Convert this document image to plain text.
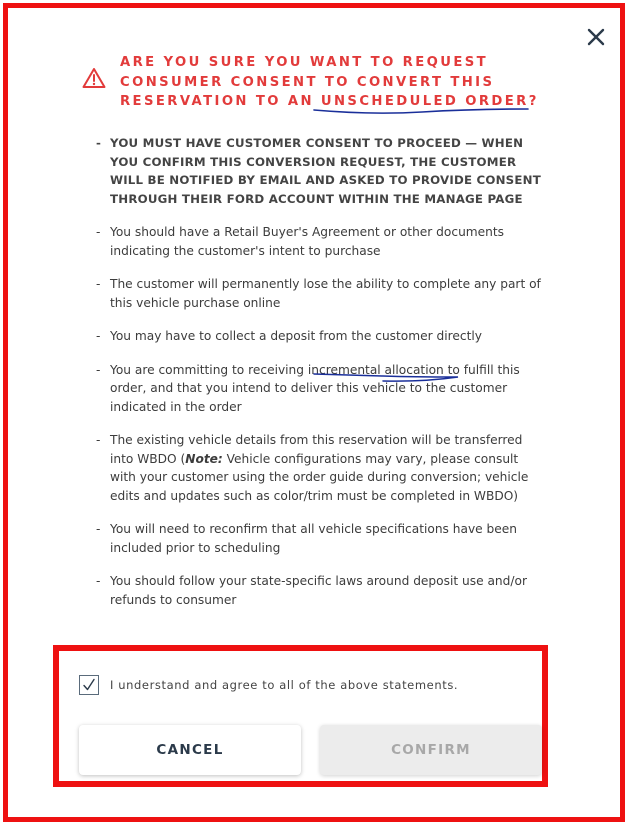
ARE YOU SURE YOU WANT TO REQUEST
CONSUMER CONSENT TO CONVERT THIS
RESERVATION TO AN UNSCHEDULED ORDER?
- YOU MUST HAVE CUSTOMER CONSENT TO PROCEED — WHEN YOU CONFIRM THIS CONVERSION REQUEST, THE CUSTOMER WILL BE NOTIFIED BY EMAIL AND ASKED TO PROVIDE CONSENT THROUGH THEIR FORD ACCOUNT WITHIN THE MANAGE PAGE
- You should have a Retail Buyer's Agreement or other documents indicating the customer's intent to purchase
- The customer will permanently lose the ability to complete any part of this vehicle purchase online
- You may have to collect a deposit from the customer directly
- You are committing to receiving incremental allocation to fulfill this order, and that you intend to deliver this vehicle to the customer indicated in the order
- The existing vehicle details from this reservation will be transferred into WBDO (Note: Vehicle configurations may vary, please consult with your customer using the order guide during conversion; vehicle edits and updates such as color/trim must be completed in WBDO)
- You will need to reconfirm that all vehicle specifications have been included prior to scheduling
- You should follow your state-specific laws around deposit use and/or refunds to consumer
I understand and agree to all of the above statements.
CANCEL	CONFIRM
